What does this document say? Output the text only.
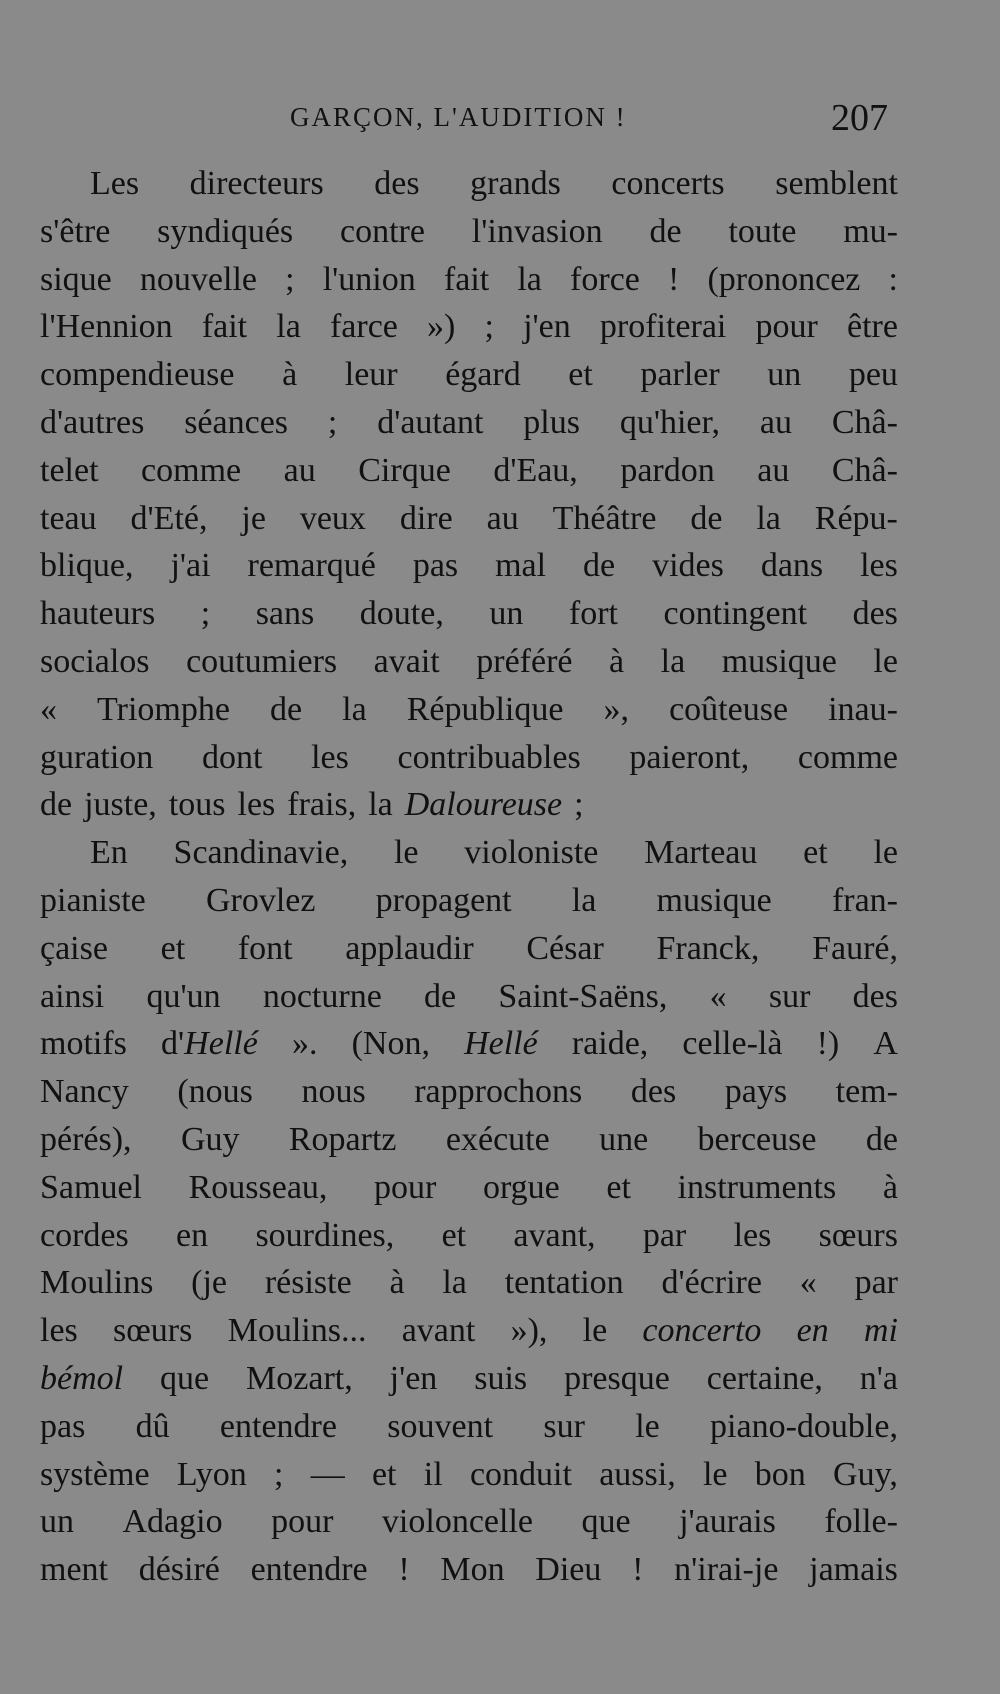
GARÇON, L'AUDITION !	207
Les directeurs des grands concerts semblent
s'être syndiqués contre l'invasion de toute mu-
sique nouvelle ; l'union fait la force ! (prononcez :
l'Hennion fait la farce ») ; j'en profiterai pour être
compendieuse à leur égard et parler un peu
d'autres séances ; d'autant plus qu'hier, au Châ-
telet comme au Cirque d'Eau, pardon au Châ-
teau d'Eté, je veux dire au Théâtre de la Répu-
blique, j'ai remarqué pas mal de vides dans les
hauteurs ; sans doute, un fort contingent des
socialos coutumiers avait préféré à la musique le
« Triomphe de la République », coûteuse inau-
guration dont les contribuables paieront, comme
de juste, tous les frais, la Daloureuse ;
En Scandinavie, le violoniste Marteau et le
pianiste Grovlez propagent la musique fran-
çaise et font applaudir César Franck, Fauré,
ainsi qu'un nocturne de Saint-Saëns, « sur des
motifs d'Hellé ». (Non, Hellé raide, celle-là !) A
Nancy (nous nous rapprochons des pays tem-
pérés), Guy Ropartz exécute une berceuse de
Samuel Rousseau, pour orgue et instruments à
cordes en sourdines, et avant, par les sœurs
Moulins (je résiste à la tentation d'écrire « par
les sœurs Moulins... avant »), le concerto en mi
bémol que Mozart, j'en suis presque certaine, n'a
pas dû entendre souvent sur le piano-double,
système Lyon ; — et il conduit aussi, le bon Guy,
un Adagio pour violoncelle que j'aurais folle-
ment désiré entendre ! Mon Dieu ! n'irai-je jamais
